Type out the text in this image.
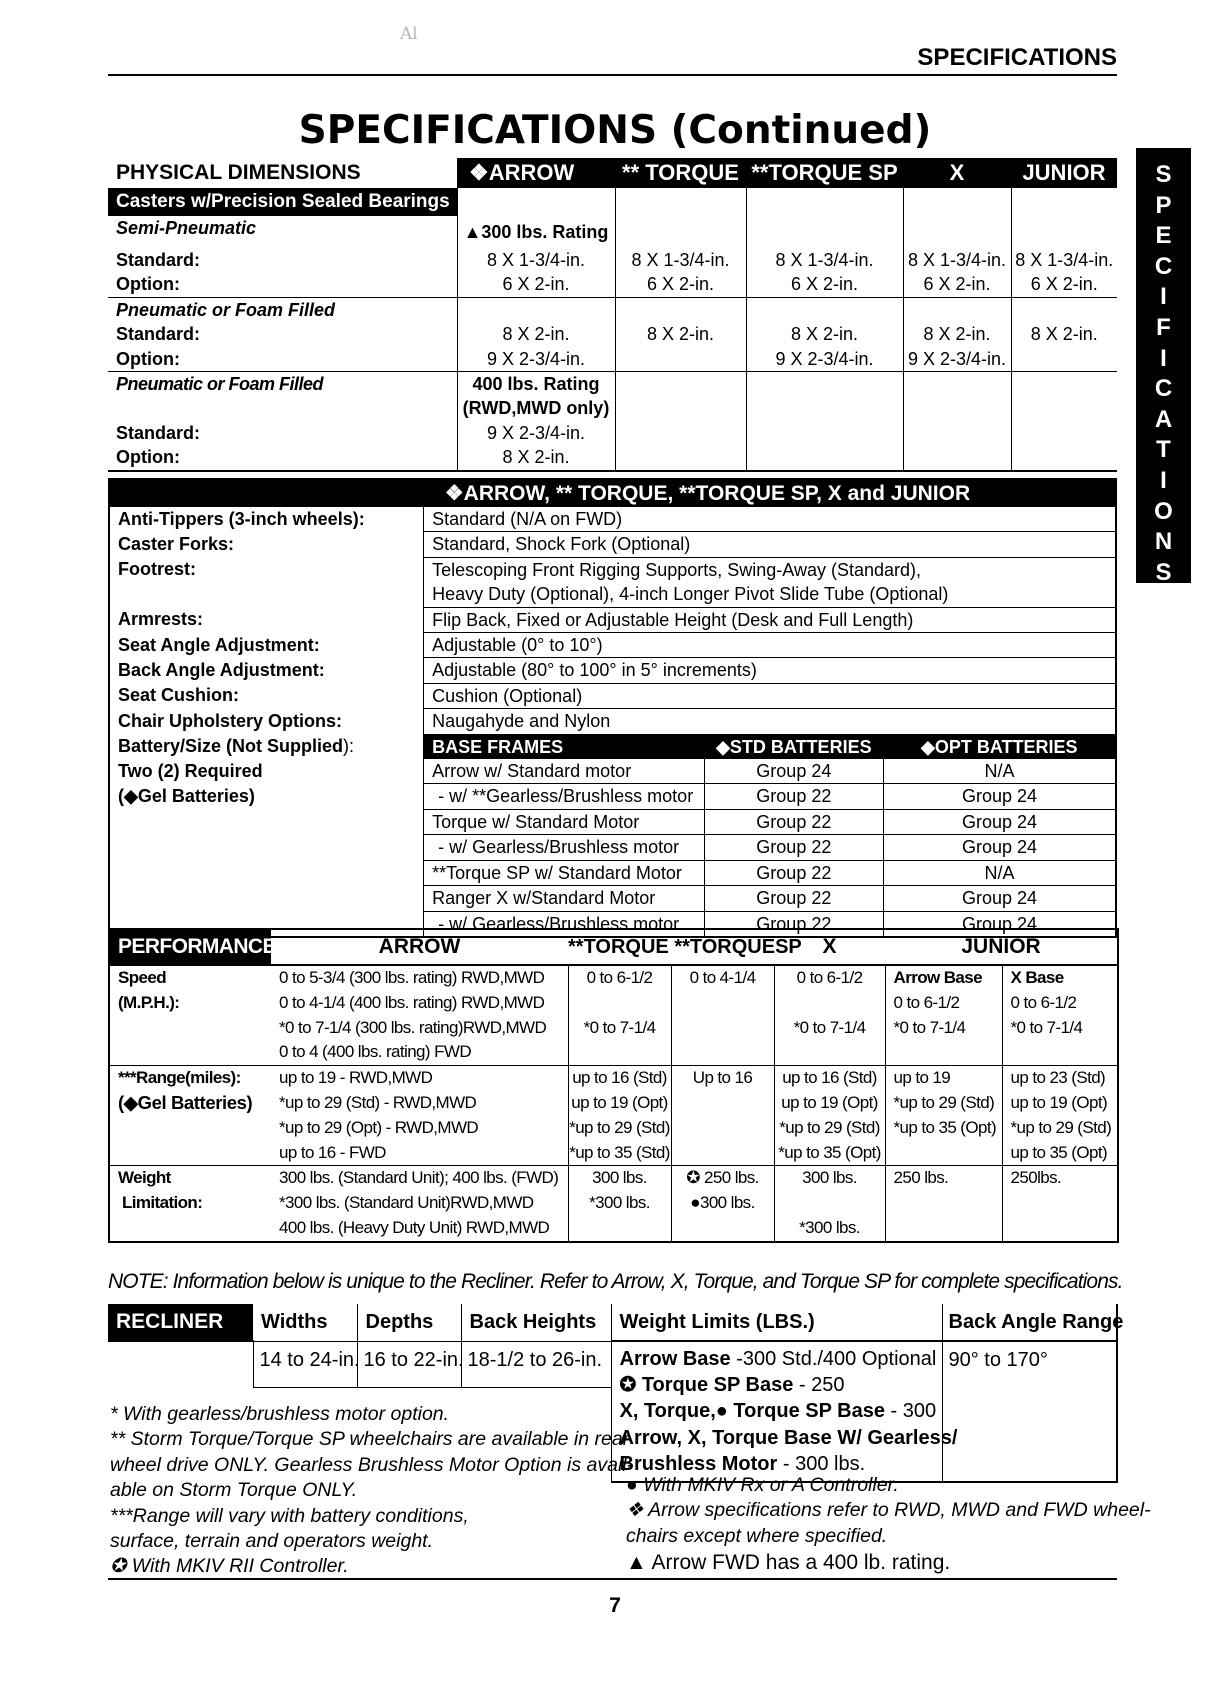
Al
SPECIFICATIONS
SPECIFICATIONS (Continued)
S
P
E
C
I
F
I
C
A
T
I
O
N
S
PHYSICAL DIMENSIONS	❖ARROW	** TORQUE	**TORQUE SP	X	JUNIOR
Casters w/Precision Sealed Bearings					
Semi-Pneumatic	▲300 lbs. Rating				
Standard:	8 X 1-3/4-in.	8 X 1-3/4-in.	8 X 1-3/4-in.	8 X 1-3/4-in.	8 X 1-3/4-in.
Option:	6 X 2-in.	6 X 2-in.	6 X 2-in.	6 X 2-in.	6 X 2-in.
Pneumatic or Foam Filled					
Standard:	8 X 2-in.	8 X 2-in.	8 X 2-in.	8 X 2-in.	8 X 2-in.
Option:	9 X 2-3/4-in.		9 X 2-3/4-in.	9 X 2-3/4-in.	
Pneumatic or Foam Filled	400 lbs. Rating				
	(RWD,MWD only)				
Standard:	9 X 2-3/4-in.				
Option:	8 X 2-in.				
❖ARROW, ** TORQUE, **TORQUE SP, X and JUNIOR			
Anti-Tippers (3-inch wheels):	Standard (N/A on FWD)		
Caster Forks:	Standard, Shock Fork (Optional)		
Footrest:	Telescoping Front Rigging Supports, Swing-Away (Standard),		
	Heavy Duty (Optional), 4-inch Longer Pivot Slide Tube (Optional)		
Armrests:	Flip Back, Fixed or Adjustable Height (Desk and Full Length)		
Seat Angle Adjustment:	Adjustable (0° to 10°)		
Back Angle Adjustment:	Adjustable (80° to 100° in 5° increments)		
Seat Cushion:	Cushion (Optional)		
Chair Upholstery Options:	Naugahyde and Nylon		
Battery/Size (Not Supplied):	BASE FRAMES	◆STD BATTERIES	◆OPT BATTERIES
Two (2) Required	Arrow w/ Standard motor	Group 24	N/A
(◆Gel Batteries)	- w/ **Gearless/Brushless motor	Group 22	Group 24
	Torque w/ Standard Motor	Group 22	Group 24
	- w/ Gearless/Brushless motor	Group 22	Group 24
	**Torque SP w/ Standard Motor	Group 22	N/A
	Ranger X w/Standard Motor	Group 22	Group 24
	- w/ Gearless/Brushless motor	Group 22	Group 24
PERFORMANCE	ARROW	**TORQUE **TORQUESP		X	JUNIOR	

Speed	0 to 5-3/4 (300 lbs. rating) RWD,MWD	0 to 6-1/2	0 to 4-1/4	0 to 6-1/2	Arrow Base	X Base
(M.P.H.):	0 to 4-1/4 (400 lbs. rating) RWD,MWD				0 to 6-1/2	0 to 6-1/2
	*0 to 7-1/4 (300 lbs. rating)RWD,MWD	*0 to 7-1/4		*0 to 7-1/4	*0 to 7-1/4	*0 to 7-1/4
	0 to 4 (400 lbs. rating) FWD					
***Range(miles):	up to 19 - RWD,MWD	up to 16 (Std)	Up to 16	up to 16 (Std)	up to 19	up to 23 (Std)
(◆Gel Batteries)	*up to 29 (Std) - RWD,MWD	up to 19 (Opt)		up to 19 (Opt)	*up to 29 (Std)	up to 19 (Opt)
	*up to 29 (Opt) - RWD,MWD	*up to 29 (Std)		*up to 29 (Std)	*up to 35 (Opt)	*up to 29 (Std)
	up to 16 - FWD	*up to 35 (Std)		*up to 35 (Opt)		up to 35 (Opt)
Weight	300 lbs. (Standard Unit); 400 lbs. (FWD)	300 lbs.	✪ 250 lbs.	300 lbs.	250 lbs.	250lbs.
Limitation:	*300 lbs. (Standard Unit)RWD,MWD	*300 lbs.	●300 lbs.			
	400 lbs. (Heavy Duty Unit) RWD,MWD			*300 lbs.		
NOTE: Information below is unique to the Recliner. Refer to Arrow, X, Torque, and Torque SP for complete specifications.
RECLINER	Widths	Depths	Back Heights	Weight Limits (LBS.)	Back Angle Range
	14 to 24-in.	16 to 22-in.	18-1/2 to 26-in.	Arrow Base -300 Std./400 Optional
✪ Torque SP Base - 250
X, Torque,● Torque SP Base - 300
Arrow, X, Torque Base W/ Gearless/
Brushless Motor - 300 lbs.	90° to 170°

* With gearless/brushless motor option.
** Storm Torque/Torque SP wheelchairs are available in rear
wheel drive ONLY. Gearless Brushless Motor Option is avail-
able on Storm Torque ONLY.
***Range will vary with battery conditions,
surface, terrain and operators weight.
✪ With MKIV RII Controller.
● With MKIV Rx or A Controller.
❖ Arrow specifications refer to RWD, MWD and FWD wheel-
chairs except where specified.
▲ Arrow FWD has a 400 lb. rating.
7
